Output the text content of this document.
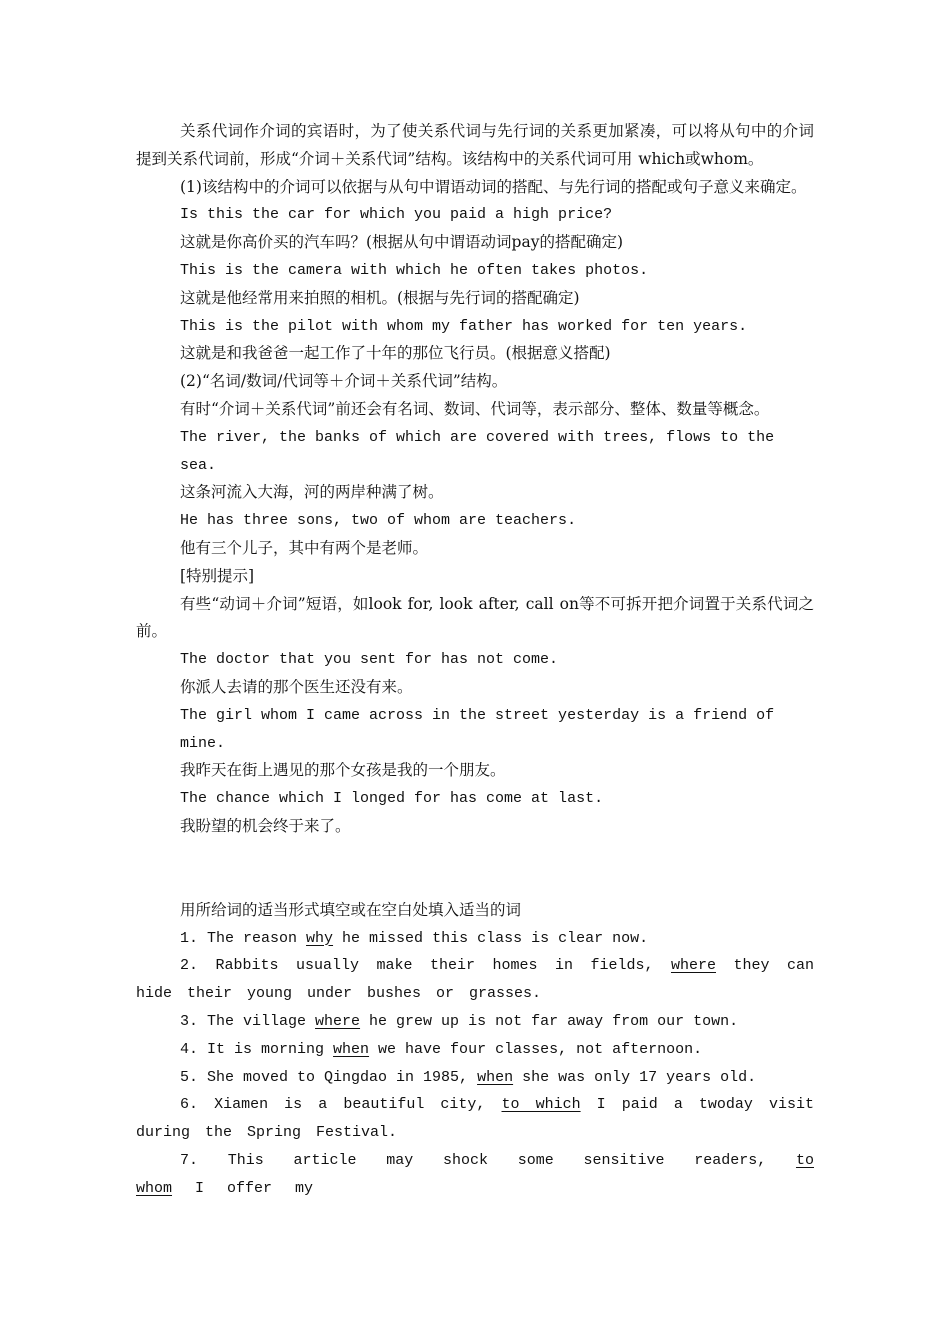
关系代词作介词的宾语时，为了使关系代词与先行词的关系更加紧凑，可以将从句中的介词提到关系代词前，形成“介词＋关系代词”结构。该结构中的关系代词可用 which或whom。

(1)该结构中的介词可以依据与从句中谓语动词的搭配、与先行词的搭配或句子意义来确定。

Is this the car for which you paid a high price?

这就是你高价买的汽车吗？(根据从句中谓语动词pay的搭配确定)

This is the camera with which he often takes photos.

这就是他经常用来拍照的相机。(根据与先行词的搭配确定)

This is the pilot with whom my father has worked for ten years.

这就是和我爸爸一起工作了十年的那位飞行员。(根据意义搭配)

(2)“名词/数词/代词等＋介词＋关系代词”结构。

有时“介词＋关系代词”前还会有名词、数词、代词等，表示部分、整体、数量等概念。

The river, the banks of which are covered with trees, flows to the sea.

这条河流入大海，河的两岸种满了树。

He has three sons, two of whom are teachers.

他有三个儿子，其中有两个是老师。

[特别提示]

有些“动词＋介词”短语，如look for, look after, call on等不可拆开把介词置于关系代词之前。

The doctor that you sent for has not come.

你派人去请的那个医生还没有来。

The girl whom I came across in the street yesterday is a friend of mine.

我昨天在街上遇见的那个女孩是我的一个朋友。

The chance which I longed for has come at last.

我盼望的机会终于来了。

用所给词的适当形式填空或在空白处填入适当的词

1. The reason why he missed this class is clear now.

2. Rabbits usually make their homes in fields, where they can hide their young under bushes or grasses.

3. The village where he grew up is not far away from our town.

4. It is morning when we have four classes, not afternoon.

5. She moved to Qingdao in 1985, when she was only 17 years old.

6. Xiamen is a beautiful city, to which I paid a twoday visit during the Spring Festival.

7. This article may shock some sensitive readers, to whom I offer my
